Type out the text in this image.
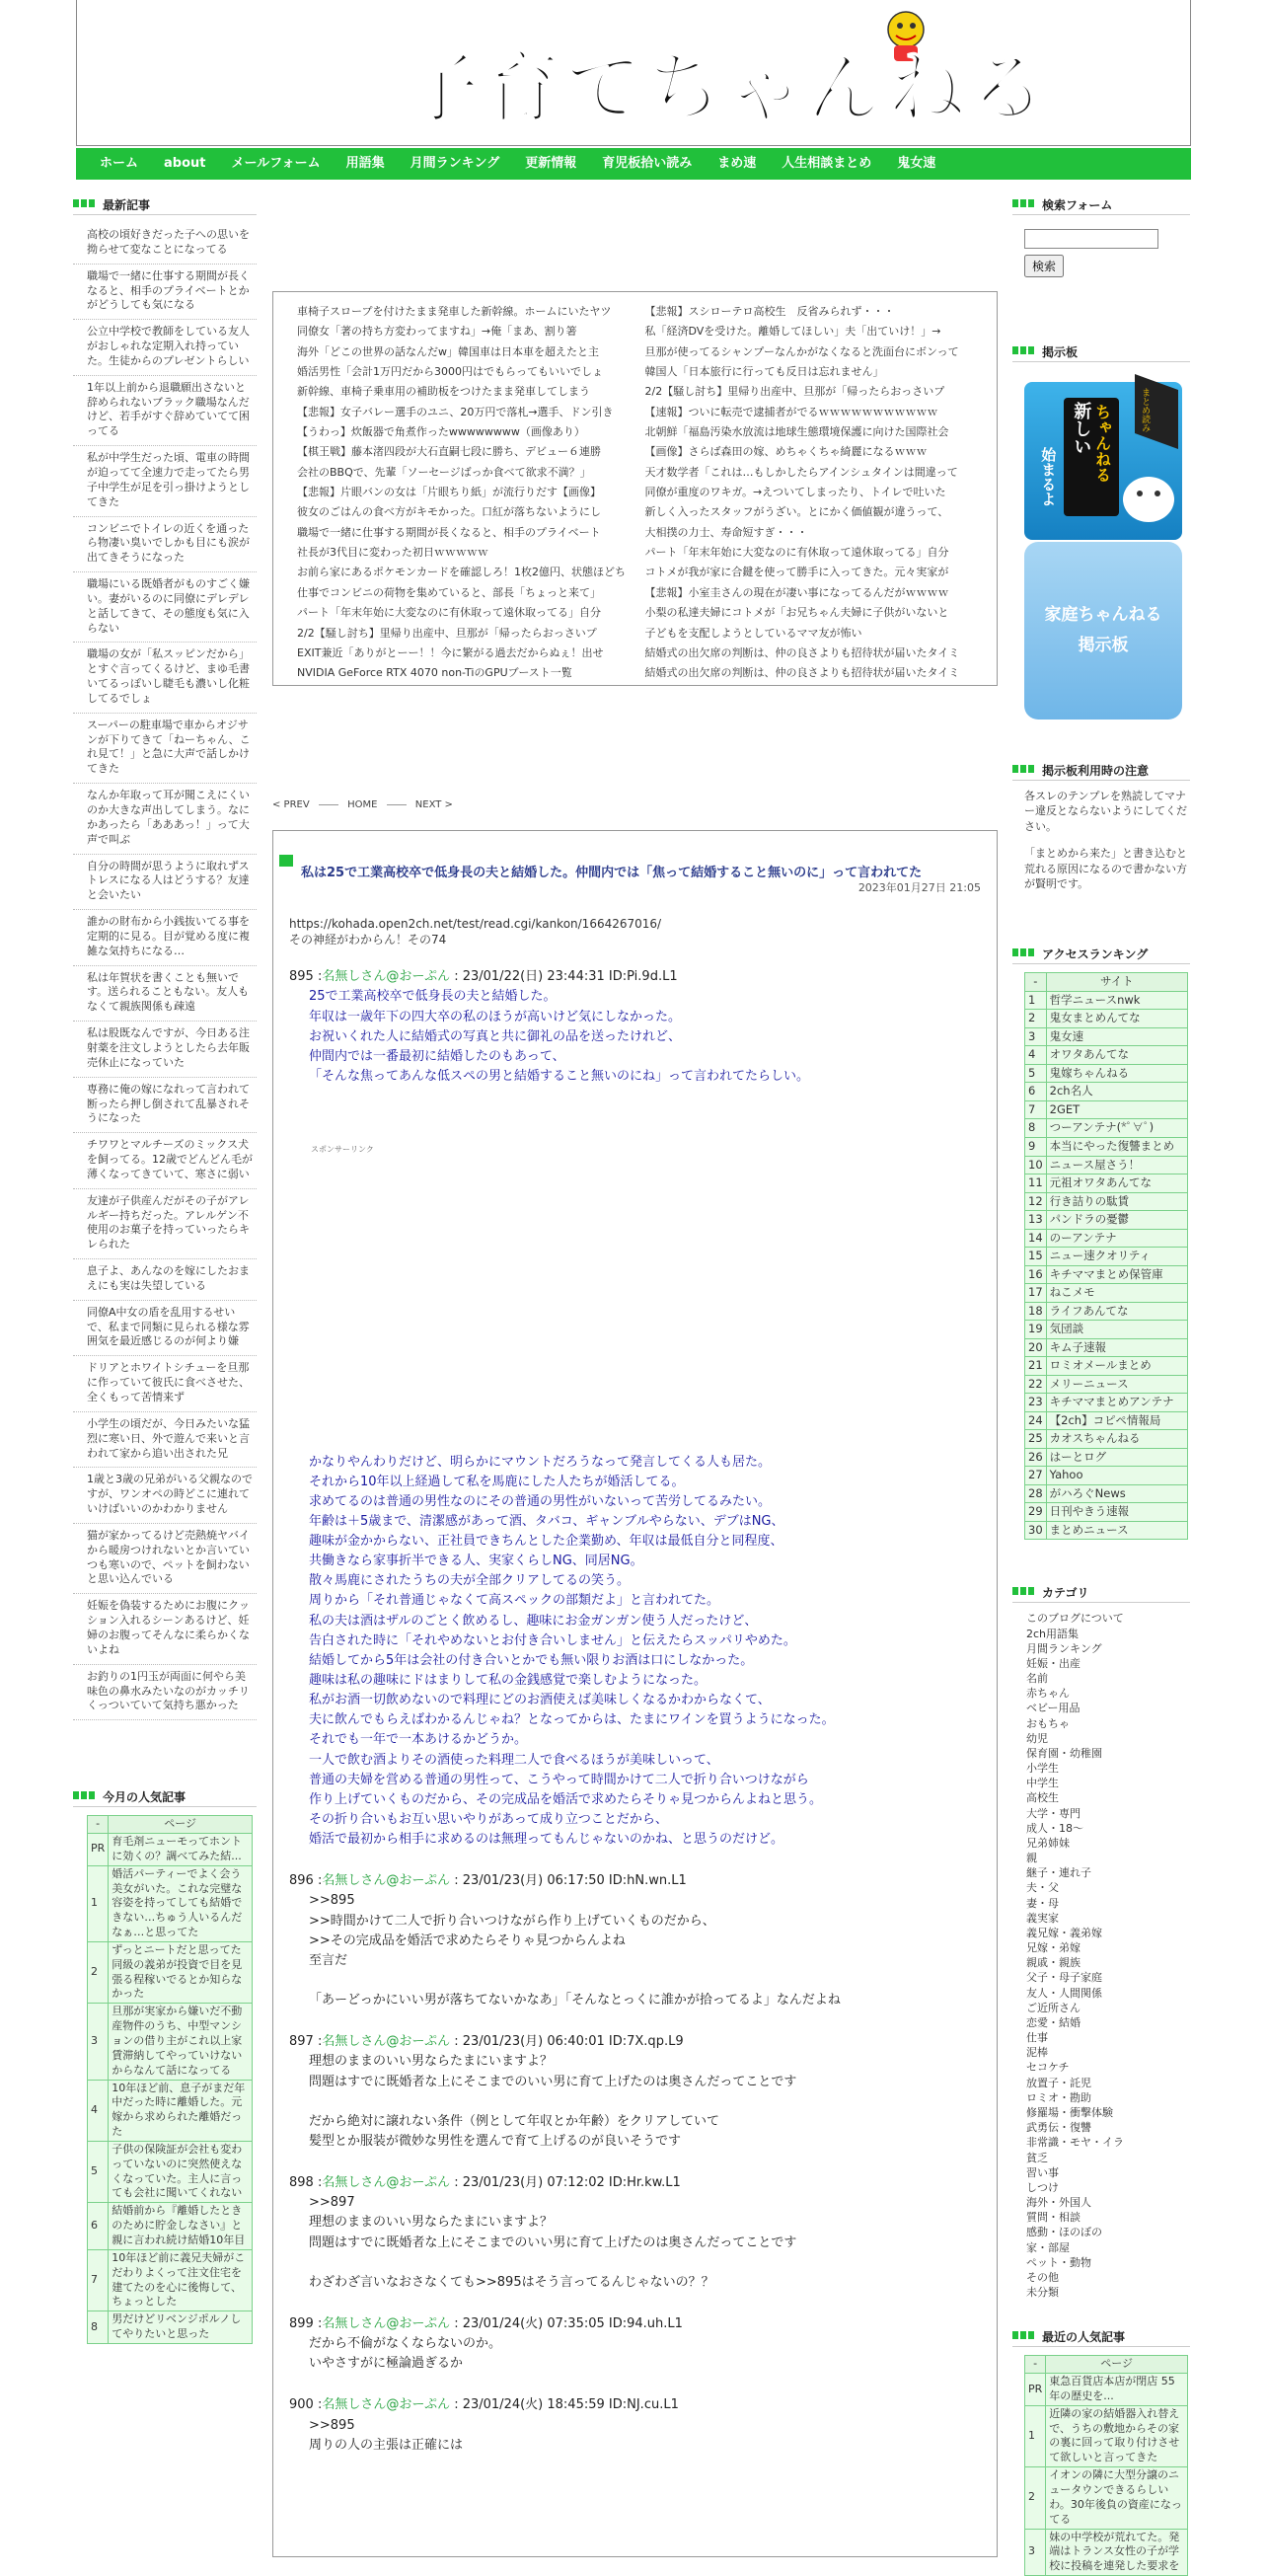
子育てちゃんねる
ホーム	about	メールフォーム	用語集	月間ランキング	更新情報	育児板拾い読み	まめ速	人生相談まとめ	鬼女速
最新記事
高校の頃好きだった子への思いを拗らせて変なことになってる
職場で一緒に仕事する期間が長くなると、相手のプライベートとかがどうしても気になる
公立中学校で教師をしている友人がおしゃれな定期入れ持っていた。生徒からのプレゼントらしい
1年以上前から退職願出さないと辞められないブラック職場なんだけど、若手がすぐ辞めていてて困ってる
私が中学生だった頃、電車の時間が迫ってて全速力で走ってたら男子中学生が足を引っ掛けようとしてきた
コンビニでトイレの近くを通ったら物凄い臭いでしかも目にも涙が出てきそうになった
職場にいる既婚者がものすごく嫌い。妻がいるのに同僚にデレデレと話してきて、その態度も気に入らない
職場の女が「私スッピンだから」とすぐ言ってくるけど、まゆ毛書いてるっぽいし睫毛も濃いし化粧してるでしょ
スーパーの駐車場で車からオジサンが下りてきて「ねーちゃん、これ見て！」と急に大声で話しかけてきた
なんか年取って耳が聞こえにくいのか大きな声出してしまう。なにかあったら「あああっ！」って大声で叫ぶ
自分の時間が思うように取れずストレスになる人はどうする？友達と会いたい
誰かの財布から小銭抜いてる事を定期的に見る。目が覚める度に複雑な気持ちになる…
私は年賀状を書くことも無いです。送られることもない。友人もなくて親族関係も疎遠
私は股既なんですが、今日ある注射薬を注文しようとしたら去年販売休止になっていた
専務に俺の嫁になれって言われて断ったら押し倒されて乱暴されそうになった
チワワとマルチーズのミックス犬を飼ってる。12歳でどんどん毛が薄くなってきていて、寒さに弱い
友達が子供産んだがその子がアレルギー持ちだった。アレルゲン不使用のお菓子を持っていったらキレられた
息子よ、あんなのを嫁にしたおまえにも実は失望している
同僚A中女の盾を乱用するせいで、私まで同類に見られる様な雰囲気を最近感じるのが何より嫌
ドリアとホワイトシチューを旦那に作っていて彼氏に食べさせた、全くもって苦情来ず
小学生の頃だが、今日みたいな猛烈に寒い日、外で遊んで来いと言われて家から追い出された兄
1歳と3歳の兄弟がいる父親なのですが、ワンオペの時どこに連れていけばいいのかわかりません
猫が家かってるけど売熱焼ヤバイから暖房つけれないとか言いていつも寒いので、ペットを飼わないと思い込んでいる
妊娠を偽装するためにお腹にクッション入れるシーンあるけど、妊婦のお腹ってそんなに柔らかくないよね
お釣りの1円玉が両面に何やら美味色の鼻水みたいなのがカッチリくっついていて気持ち悪かった
今月の人気記事
-	ページ
PR	育毛剤ニューモってホントに効くの？調べてみた結...
1	婚活パーティーでよく会う美女がいた。これな完璧な容姿を持ってしても結婚できない…ちゅう人いるんだなぁ…と思ってた
2	ずっとニートだと思ってた同級の義弟が投資で目を見張る程稼いでるとか知らなかった
3	旦那が実家から嫌いだ不動産物件のうち、中型マンションの借り主がこれ以上家賃滞納してやっていけないからなんて話になってる
4	10年ほど前、息子がまだ年中だった時に離婚した。元嫁から求められた離婚だった
5	子供の保険証が会社も変わっていないのに突然使えなくなっていた。主人に言っても会社に聞いてくれない
6	結婚前から『離婚したときのために貯金しなさい』と親に言われ続け結婚10年目
7	10年ほど前に義兄夫婦がこだわりよくって注文住宅を建てたのを心に後悔して、ちょっとした
8	男だけどリベンジポルノしてやりたいと思った
車椅子スロープを付けたまま発車した新幹線。ホームにいたヤツ
同僚女「著の持ち方変わってますね」→俺「まあ、割り箸
海外「どこの世界の話なんだw」韓国車は日本車を超えたと主
婚活男性「会計1万円だから3000円はでもらってもいいでしょ
新幹線、車椅子乗車用の補助板をつけたまま発車してしまう
【悲報】女子バレー選手のユニ、20万円で落札→選手、ドン引き
【うわっ】炊飯器で角煮作ったwwwwwwww（画像あり）
【棋王戦】藤本渚四段が大石直嗣七段に勝ち、デビュー６連勝
会社のBBQで、先輩「ソーセージばっか食べて欲求不満？」
【悲報】片眼バンの女は「片眼ちり紙」が流行りだす【画像】
彼女のごはんの食べ方がキモかった。口紅が落ちないようにし
職場で一緒に仕事する期間が長くなると、相手のプライベート
社長が3代目に変わった初日ｗｗｗｗｗ
お前ら家にあるポケモンカードを確認しろ！1枚2億円、状態ほどち
仕事でコンビニの荷物を集めていると、部長「ちょっと来て」
パート「年末年始に大変なのに有休取って遠休取ってる」自分
2/2【騒し討ち】里帰り出産中、旦那が「帰ったらおっさいプ
EXIT兼近「ありがとーー！！今に繁がる過去だからぬぇ！出せ
NVIDIA GeForce RTX 4070 non-TiのGPUブースト一覧
【悲報】スシローテロ高校生　反省みられず・・・
私「経済DVを受けた。離婚してほしい」夫「出ていけ！」→
旦那が使ってるシャンプーなんかがなくなると洗面台にボンって
韓国人「日本旅行に行っても反日は忘れません」
2/2【騒し討ち】里帰り出産中、旦那が「帰ったらおっさいプ
【速報】ついに転売で逮捕者がでるｗｗｗｗｗｗｗｗｗｗｗ
北朝鮮「福島汚染水放流は地球生態環境保護に向けた国際社会
【画像】さらば森田の嫁、めちゃくちゃ綺麗になるｗｗｗ
天才数学者「これは…もしかしたらアインシュタインは間違って
同僚が重度のワキガ。→えついてしまったり、トイレで吐いた
新しく入ったスタッフがうざい。とにかく価値観が違うって、
大相撲の力士、寿命短すぎ・・・
パート「年末年始に大変なのに有休取って遠休取ってる」自分
コトメが我が家に合鍵を使って勝手に入ってきた。元々実家が
【悲報】小室圭さんの現在が凄い事になってるんだがｗｗｗｗ
小梨の私達夫婦にコトメが「お兄ちゃん夫婦に子供がいないと
子どもを支配しようとしているママ友が怖い
結婚式の出欠席の判断は、仲の良さよりも招待状が届いたタイミ
結婚式の出欠席の判断は、仲の良さよりも招待状が届いたタイミ
< PREV	HOME	NEXT >
私は25で工業高校卒で低身長の夫と結婚した。仲間内では「焦って結婚すること無いのに」って言われてた
2023年01月27日 21:05
https://kohada.open2ch.net/test/read.cgi/kankon/1664267016/
その神経がわからん！その74
895 :名無しさん@おーぷん : 23/01/22(日) 23:44:31 ID:Pi.9d.L1
25で工業高校卒で低身長の夫と結婚した。
年収は一歳年下の四大卒の私のほうが高いけど気にしなかった。
お祝いくれた人に結婚式の写真と共に御礼の品を送ったけれど、
仲間内では一番最初に結婚したのもあって、
「そんな焦ってあんな低スペの男と結婚すること無いのにね」って言われてたらしい。
スポンサーリンク
かなりやんわりだけど、明らかにマウントだろうなって発言してくる人も居た。
それから10年以上経過して私を馬鹿にした人たちが婚活してる。
求めてるのは普通の男性なのにその普通の男性がいないって苦労してるみたい。
年齢は＋5歳まで、清潔感があって酒、タバコ、ギャンブルやらない、デブはNG、
趣味が金かからない、正社員できちんとした企業勤め、年収は最低自分と同程度、
共働きなら家事折半できる人、実家くらしNG、同居NG。
散々馬鹿にされたうちの夫が全部クリアしてるの笑う。
周りから「それ普通じゃなくて高スペックの部類だよ」と言われてた。
私の夫は酒はザルのごとく飲めるし、趣味にお金ガンガン使う人だったけど、
告白された時に「それやめないとお付き合いしません」と伝えたらスッパリやめた。
結婚してから5年は会社の付き合いとかでも無い限りお酒は口にしなかった。
趣味は私の趣味にドはまりして私の金銭感覚で楽しむようになった。
私がお酒一切飲めないので料理にどのお酒使えば美味しくなるかわからなくて、
夫に飲んでもらえばわかるんじゃね？となってからは、たまにワインを買うようになった。
それでも一年で一本あけるかどうか。
一人で飲む酒よりその酒使った料理二人で食べるほうが美味しいって、
普通の夫婦を営める普通の男性って、こうやって時間かけて二人で折り合いつけながら
作り上げていくものだから、その完成品を婚活で求めたらそりゃ見つからんよねと思う。
その折り合いもお互い思いやりがあって成り立つことだから、
婚活で最初から相手に求めるのは無理ってもんじゃないのかね、と思うのだけど。
896 :名無しさん@おーぷん : 23/01/23(月) 06:17:50 ID:hN.wn.L1
>>895
>>時間かけて二人で折り合いつけながら作り上げていくものだから、
>>その完成品を婚活で求めたらそりゃ見つからんよね
至言だ
「あーどっかにいい男が落ちてないかなあ」「そんなとっくに誰かが拾ってるよ」なんだよね
897 :名無しさん@おーぷん : 23/01/23(月) 06:40:01 ID:7X.qp.L9
理想のままのいい男ならたまにいますよ？
問題はすでに既婚者な上にそこまでのいい男に育て上げたのは奥さんだってことです
だから絶対に譲れない条件（例として年収とか年齢）をクリアしていて
髪型とか服装が微妙な男性を選んで育て上げるのが良いそうです
898 :名無しさん@おーぷん : 23/01/23(月) 07:12:02 ID:Hr.kw.L1
>>897
理想のままのいい男ならたまにいますよ？
問題はすでに既婚者な上にそこまでのいい男に育て上げたのは奥さんだってことです
わざわざ言いなおさなくても>>895はそう言ってるんじゃないの？？
899 :名無しさん@おーぷん : 23/01/24(火) 07:35:05 ID:94.uh.L1
だから不倫がなくならないのか。
いやさすがに極論過ぎるか
900 :名無しさん@おーぷん : 23/01/24(火) 18:45:59 ID:NJ.cu.L1
>>895
周りの人の主張は正確には
検索フォーム
検索
掲示板
新しい ちゃんねる
始まるよ
まとめ読み
家庭ちゃんねる
掲示板
掲示板利用時の注意

各スレのテンプレを熟読してマナー違反とならないようにしてください。

「まとめから来た」と書き込むと荒れる原因になるので書かない方が賢明です。

アクセスランキング
-	サイト
1	哲学ニュースnwk
2	鬼女まとめんてな
3	鬼女速
4	オワタあんてな
5	鬼嫁ちゃんねる
6	2ch名人
7	2GET
8	つーアンテナ(*ﾟ∀ﾟ)
9	本当にやった復讐まとめ
10	ニュース屋さう！
11	元祖オワタあんてな
12	行き詰りの駄賃
13	パンドラの憂鬱
14	のーアンテナ
15	ニュー速クオリティ
16	キチママまとめ保管庫
17	ねこメモ
18	ライフあんてな
19	気団談
20	キム子速報
21	ロミオメールまとめ
22	メリーニュース
23	キチママまとめアンテナ
24	【2ch】コピペ情報局
25	カオスちゃんねる
26	はーとログ
27	Yahoo
28	がハろぐNews
29	日刊やきう速報
30	まとめニュース
カテゴリ
このブログについて
2ch用語集
月間ランキング
妊娠・出産
名前
赤ちゃん
ベビー用品
おもちゃ
幼児
保育園・幼稚園
小学生
中学生
高校生
大学・専門
成人・18～
兄弟姉妹
親
継子・連れ子
夫・父
妻・母
義実家
義兄嫁・義弟嫁
兄嫁・弟嫁
親戚・親族
父子・母子家庭
友人・人間関係
ご近所さん
恋愛・結婚
仕事
泥棒
セコケチ
放置子・託児
ロミオ・勘助
修羅場・衝撃体験
武勇伝・復讐
非常識・モヤ・イラ
貧乏
習い事
しつけ
海外・外国人
質問・相談
感動・ほのぼの
家・部屋
ペット・動物
その他
未分類
最近の人気記事
-	ページ
PR	東急百貨店本店が閉店 55年の歴史を...
1	近隣の家の結婚器入れ替えで、うちの敷地からその家の裏に回って取り付けさせて欲しいと言ってきた
2	イオンの隣に大型分譲のニュータウンできるらしいわ。30年後負の資産になってる
3	妹の中学校が荒れてた。発端はトランス女性の子が学校に投稿を連発した要求を
